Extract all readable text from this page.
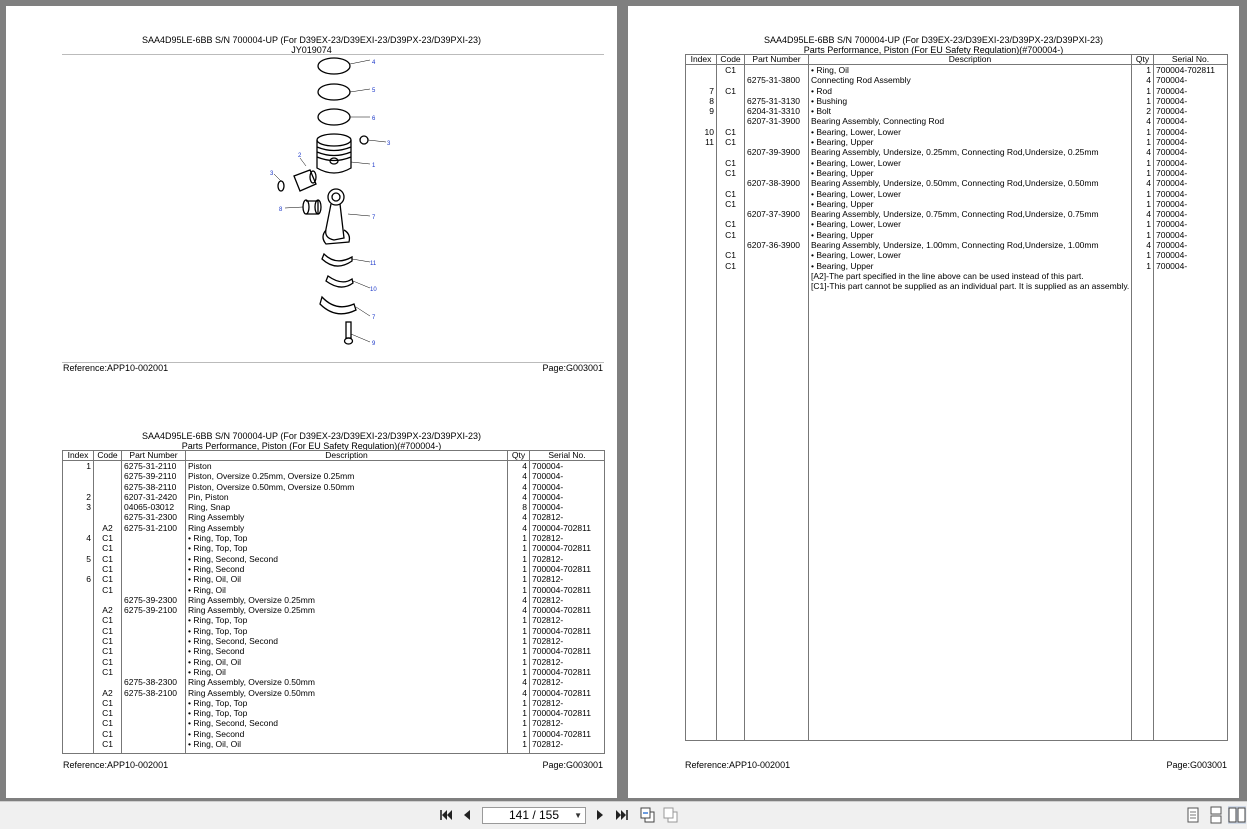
SAA4D95LE-6BB S/N 700004-UP (For D39EX-23/D39EXI-23/D39PX-23/D39PXI-23)
JY019074
4
5
6
3
2
1
3
8
7
11
10
7
9
Reference:APP10-002001	Page:G003001
SAA4D95LE-6BB S/N 700004-UP (For D39EX-23/D39EXI-23/D39PX-23/D39PXI-23)
Parts Performance, Piston (For EU Safety Regulation)(#700004-)
Index	Code	Part Number	Description	Qty	Serial No.
1		6275-31-2110	Piston	4	700004-
		6275-39-2110	Piston, Oversize 0.25mm, Oversize 0.25mm	4	700004-
		6275-38-2110	Piston, Oversize 0.50mm, Oversize 0.50mm	4	700004-
2		6207-31-2420	Pin, Piston	4	700004-
3		04065-03012	Ring, Snap	8	700004-
		6275-31-2300	Ring Assembly	4	702812-
	A2	6275-31-2100	Ring Assembly	4	700004-702811
4	C1		• Ring, Top, Top	1	702812-
	C1		• Ring, Top, Top	1	700004-702811
5	C1		• Ring, Second, Second	1	702812-
	C1		• Ring, Second	1	700004-702811
6	C1		• Ring, Oil, Oil	1	702812-
	C1		• Ring, Oil	1	700004-702811
		6275-39-2300	Ring Assembly, Oversize 0.25mm	4	702812-
	A2	6275-39-2100	Ring Assembly, Oversize 0.25mm	4	700004-702811
	C1		• Ring, Top, Top	1	702812-
	C1		• Ring, Top, Top	1	700004-702811
	C1		• Ring, Second, Second	1	702812-
	C1		• Ring, Second	1	700004-702811
	C1		• Ring, Oil, Oil	1	702812-
	C1		• Ring, Oil	1	700004-702811
		6275-38-2300	Ring Assembly, Oversize 0.50mm	4	702812-
	A2	6275-38-2100	Ring Assembly, Oversize 0.50mm	4	700004-702811
	C1		• Ring, Top, Top	1	702812-
	C1		• Ring, Top, Top	1	700004-702811
	C1		• Ring, Second, Second	1	702812-
	C1		• Ring, Second	1	700004-702811
	C1		• Ring, Oil, Oil	1	702812-

Reference:APP10-002001	Page:G003001
SAA4D95LE-6BB S/N 700004-UP (For D39EX-23/D39EXI-23/D39PX-23/D39PXI-23)
Parts Performance, Piston (For EU Safety Regulation)(#700004-)
Index	Code	Part Number	Description	Qty	Serial No.
	C1		• Ring, Oil	1	700004-702811
		6275-31-3800	Connecting Rod Assembly	4	700004-
7	C1		• Rod	1	700004-
8		6275-31-3130	• Bushing	1	700004-
9		6204-31-3310	• Bolt	2	700004-
		6207-31-3900	Bearing Assembly, Connecting Rod	4	700004-
10	C1		• Bearing, Lower, Lower	1	700004-
11	C1		• Bearing, Upper	1	700004-
		6207-39-3900	Bearing Assembly, Undersize, 0.25mm, Connecting Rod,Undersize, 0.25mm	4	700004-
	C1		• Bearing, Lower, Lower	1	700004-
	C1		• Bearing, Upper	1	700004-
		6207-38-3900	Bearing Assembly, Undersize, 0.50mm, Connecting Rod,Undersize, 0.50mm	4	700004-
	C1		• Bearing, Lower, Lower	1	700004-
	C1		• Bearing, Upper	1	700004-
		6207-37-3900	Bearing Assembly, Undersize, 0.75mm, Connecting Rod,Undersize, 0.75mm	4	700004-
	C1		• Bearing, Lower, Lower	1	700004-
	C1		• Bearing, Upper	1	700004-
		6207-36-3900	Bearing Assembly, Undersize, 1.00mm, Connecting Rod,Undersize, 1.00mm	4	700004-
	C1		• Bearing, Lower, Lower	1	700004-
	C1		• Bearing, Upper	1	700004-
			[A2]-The part specified in the line above can be used instead of this part.		
			[C1]-This part cannot be supplied as an individual part. It is supplied as an assembly.		

Reference:APP10-002001	Page:G003001
141 / 155 ▼
